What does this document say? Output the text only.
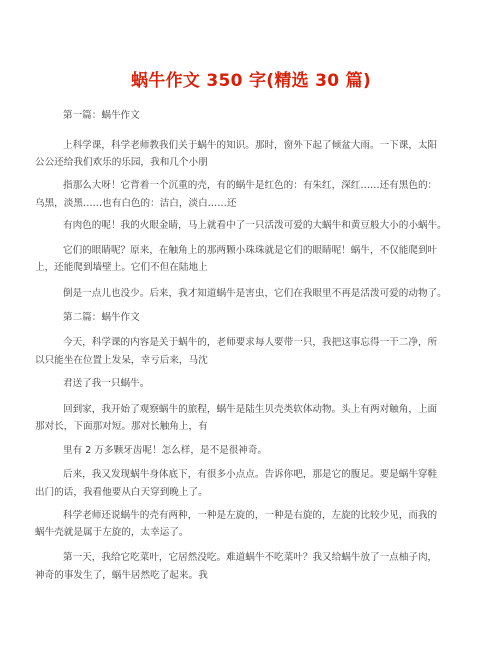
蜗牛作文 350 字(精选 30 篇)
第一篇：蜗牛作文
上科学课，科学老师教我们关于蜗牛的知识。那时，窗外下起了倾盆大雨。一下课，太阳
公公还给我们欢乐的乐园，我和几个小朋
指那么大呀！它背着一个沉重的壳，有的蜗牛是红色的：有朱红，深红……还有黑色的：
乌黑，淡黑……也有白色的：洁白，淡白……还
有肉色的呢！我的火眼金睛，马上就看中了一只活泼可爱的大蜗牛和黄豆般大小的小蜗牛。
它们的眼睛呢？原来，在触角上的那两颗小珠珠就是它们的眼睛呢！蜗牛，不仅能爬到叶
上，还能爬到墙壁上。它们不但在陆地上
倒是一点儿也没少。后来，我才知道蜗牛是害虫，它们在我眼里不再是活泼可爱的动物了。
第二篇：蜗牛作文
今天，科学课的内容是关于蜗牛的，老师要求每人要带一只，我把这事忘得一干二净，所
以只能坐在位置上发呆，幸亏后来，马沈
君送了我一只蜗牛。
回到家，我开始了观察蜗牛的旅程，蜗牛是陆生贝壳类软体动物。头上有两对触角，上面
那对长，下面那对短。那对长触角上，有
里有 2 万多颗牙齿呢！怎么样，是不是很神奇。
后来，我又发现蜗牛身体底下，有很多小点点。告诉你吧，那是它的腹足。要是蜗牛穿鞋
出门的话，我看他要从白天穿到晚上了。
科学老师还说蜗牛的壳有两种，一种是左旋的，一种是右旋的，左旋的比较少见，而我的
蜗牛壳就是属于左旋的，太幸运了。
第一天，我给它吃菜叶，它居然没吃。难道蜗牛不吃菜叶？我又给蜗牛放了一点柚子肉，
神奇的事发生了，蜗牛居然吃了起来。我
